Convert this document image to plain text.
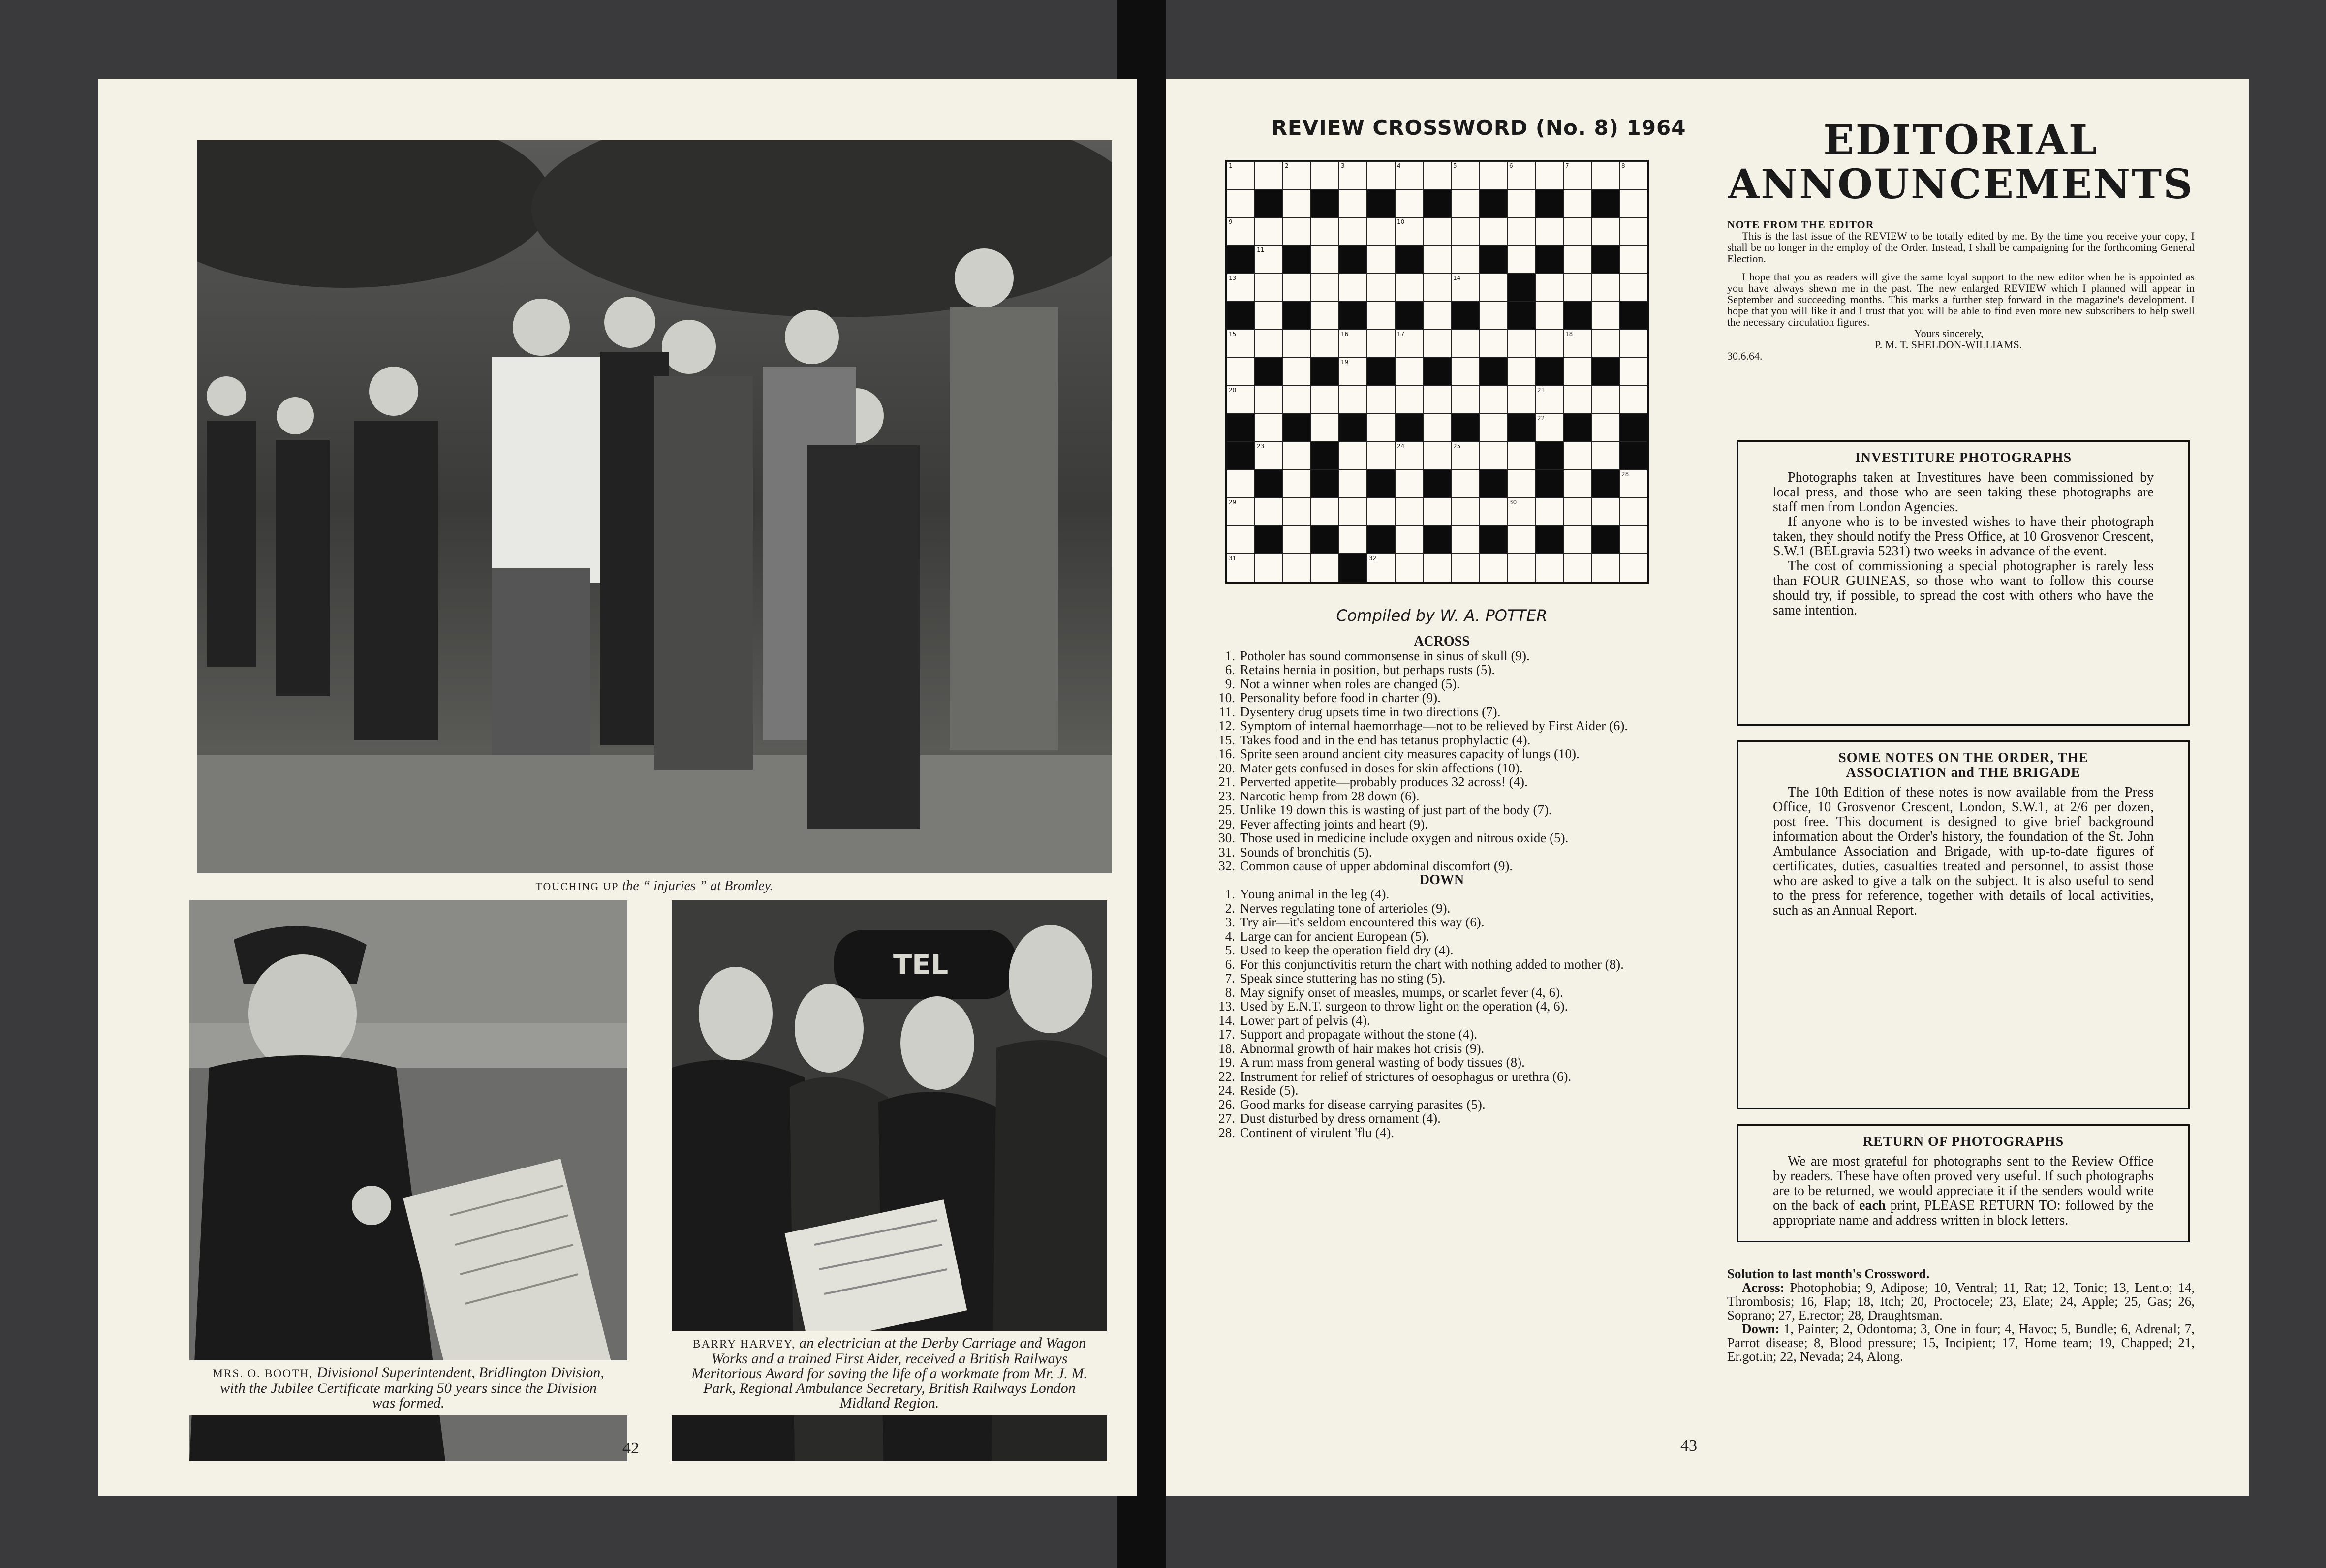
TOUCHING UP the “ injuries ” at Bromley.
MRS. O. BOOTH, Divisional Superintendent, Bridlington Division, with the Jubilee Certificate marking 50 years since the Division was formed.
TEL
BARRY HARVEY, an electrician at the Derby Carriage and Wagon Works and a trained First Aider, received a British Railways Meritorious Award for saving the life of a workmate from Mr. J. M. Park, Regional Ambulance Secretary, British Railways London Midland Region.
42
REVIEW CROSSWORD (No. 8) 1964
1	2	3	4	5	6	7	8
9	10
11
13	14
15	16	17	18
19
20	21
22
23	24	25
28
29	30
31	32
Compiled by W. A. POTTER
ACROSS
1. Potholer has sound commonsense in sinus of skull (9).
6. Retains hernia in position, but perhaps rusts (5).
9. Not a winner when roles are changed (5).
10. Personality before food in charter (9).
11. Dysentery drug upsets time in two directions (7).
12. Symptom of internal haemorrhage—not to be relieved by First Aider (6).
15. Takes food and in the end has tetanus prophylactic (4).
16. Sprite seen around ancient city measures capacity of lungs (10).
20. Mater gets confused in doses for skin affections (10).
21. Perverted appetite—probably produces 32 across! (4).
23. Narcotic hemp from 28 down (6).
25. Unlike 19 down this is wasting of just part of the body (7).
29. Fever affecting joints and heart (9).
30. Those used in medicine include oxygen and nitrous oxide (5).
31. Sounds of bronchitis (5).
32. Common cause of upper abdominal discomfort (9).
DOWN
1. Young animal in the leg (4).
2. Nerves regulating tone of arterioles (9).
3. Try air—it's seldom encountered this way (6).
4. Large can for ancient European (5).
5. Used to keep the operation field dry (4).
6. For this conjunctivitis return the chart with nothing added to mother (8).
7. Speak since stuttering has no sting (5).
8. May signify onset of measles, mumps, or scarlet fever (4, 6).
13. Used by E.N.T. surgeon to throw light on the operation (4, 6).
14. Lower part of pelvis (4).
17. Support and propagate without the stone (4).
18. Abnormal growth of hair makes hot crisis (9).
19. A rum mass from general wasting of body tissues (8).
22. Instrument for relief of strictures of oesophagus or urethra (6).
24. Reside (5).
26. Good marks for disease carrying parasites (5).
27. Dust disturbed by dress ornament (4).
28. Continent of virulent 'flu (4).
EDITORIAL
ANNOUNCEMENTS
NOTE FROM THE EDITOR
This is the last issue of the REVIEW to be totally edited by me. By the time you receive your copy, I shall be no longer in the employ of the Order. Instead, I shall be campaigning for the forthcoming General Election.
I hope that you as readers will give the same loyal support to the new editor when he is appointed as you have always shewn me in the past. The new enlarged REVIEW which I planned will appear in September and succeeding months. This marks a further step forward in the magazine's development. I hope that you will like it and I trust that you will be able to find even more new subscribers to help swell the necessary circulation figures.
Yours sincerely,
P. M. T. SHELDON-WILLIAMS.
30.6.64.
INVESTITURE PHOTOGRAPHS
Photographs taken at Investitures have been commissioned by local press, and those who are seen taking these photographs are staff men from London Agencies.
If anyone who is to be invested wishes to have their photograph taken, they should notify the Press Office, at 10 Grosvenor Crescent, S.W.1 (BELgravia 5231) two weeks in advance of the event.
The cost of commissioning a special photographer is rarely less than FOUR GUINEAS, so those who want to follow this course should try, if possible, to spread the cost with others who have the same intention.
SOME NOTES ON THE ORDER, THE ASSOCIATION and THE BRIGADE
The 10th Edition of these notes is now available from the Press Office, 10 Grosvenor Crescent, London, S.W.1, at 2/6 per dozen, post free. This document is designed to give brief background information about the Order's history, the foundation of the St. John Ambulance Association and Brigade, with up-to-date figures of certificates, duties, casualties treated and personnel, to assist those who are asked to give a talk on the subject. It is also useful to send to the press for reference, together with details of local activities, such as an Annual Report.
RETURN OF PHOTOGRAPHS
We are most grateful for photographs sent to the Review Office by readers. These have often proved very useful. If such photographs are to be returned, we would appreciate it if the senders would write on the back of each print, PLEASE RETURN TO: followed by the appropriate name and address written in block letters.
Solution to last month's Crossword.
Across: Photophobia; 9, Adipose; 10, Ventral; 11, Rat; 12, Tonic; 13, Lent.o; 14, Thrombosis; 16, Flap; 18, Itch; 20, Proctocele; 23, Elate; 24, Apple; 25, Gas; 26, Soprano; 27, E.rector; 28, Draughtsman.
Down: 1, Painter; 2, Odontoma; 3, One in four; 4, Havoc; 5, Bundle; 6, Adrenal; 7, Parrot disease; 8, Blood pressure; 15, Incipient; 17, Home team; 19, Chapped; 21, Er.got.in; 22, Nevada; 24, Along.
43
